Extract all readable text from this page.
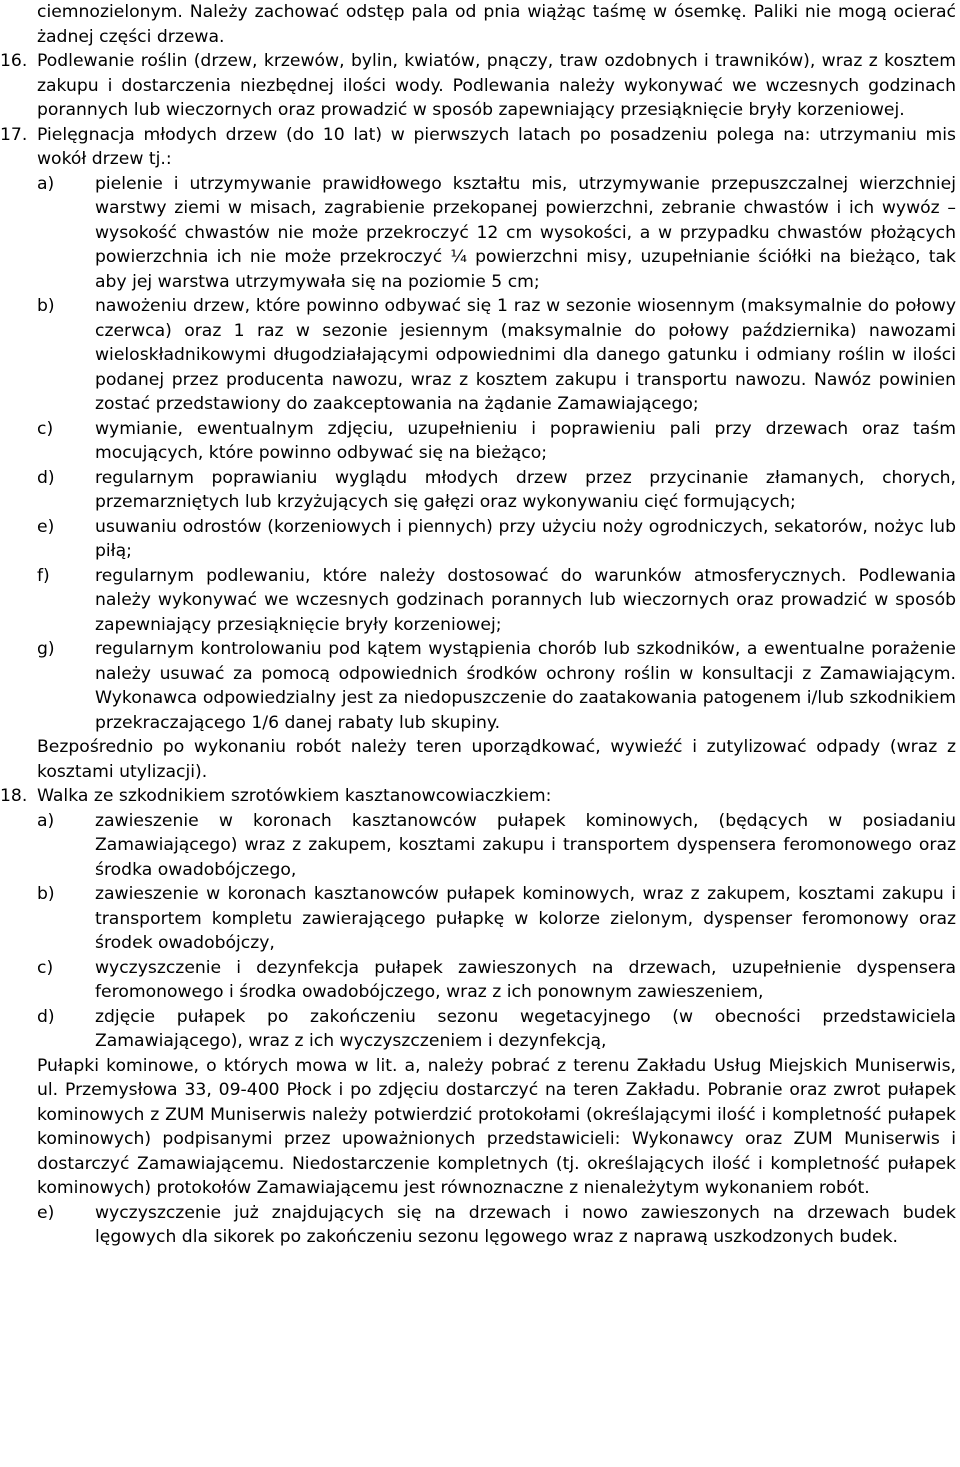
ciemnozielonym. Należy zachować odstęp pala od pnia wiążąc taśmę w ósemkę. Paliki nie mogą ocierać żadnej części drzewa.

16. Podlewanie roślin (drzew, krzewów, bylin, kwiatów, pnączy, traw ozdobnych i trawników), wraz z kosztem zakupu i dostarczenia niezbędnej ilości wody. Podlewania należy wykonywać we wczesnych godzinach porannych lub wieczornych oraz prowadzić w sposób zapewniający przesiąknięcie bryły korzeniowej.
17. Pielęgnacja młodych drzew (do 10 lat) w pierwszych latach po posadzeniu polega na: utrzymaniu mis wokół drzew tj.:
a)	pielenie i utrzymywanie prawidłowego kształtu mis, utrzymywanie przepuszczalnej wierzchniej warstwy ziemi w misach, zagrabienie przekopanej powierzchni, zebranie chwastów i ich wywóz – wysokość chwastów nie może przekroczyć 12 cm wysokości, a w przypadku chwastów płożących powierzchnia ich nie może przekroczyć ¼ powierzchni misy, uzupełnianie ściółki na bieżąco, tak aby jej warstwa utrzymywała się na poziomie 5 cm;
b)	nawożeniu drzew, które powinno odbywać się 1 raz w sezonie wiosennym (maksymalnie do połowy czerwca) oraz 1 raz w sezonie jesiennym (maksymalnie do połowy października) nawozami wieloskładnikowymi długodziałającymi odpowiednimi dla danego gatunku i odmiany roślin w ilości podanej przez producenta nawozu, wraz z kosztem zakupu i transportu nawozu. Nawóz powinien zostać przedstawiony do zaakceptowania na żądanie Zamawiającego;
c)	wymianie, ewentualnym zdjęciu, uzupełnieniu i poprawieniu pali przy drzewach oraz taśm mocujących, które powinno odbywać się na bieżąco;
d)	regularnym poprawianiu wyglądu młodych drzew przez przycinanie złamanych, chorych, przemarzniętych lub krzyżujących się gałęzi oraz wykonywaniu cięć formujących;
e)	usuwaniu odrostów (korzeniowych i piennych) przy użyciu noży ogrodniczych, sekatorów, nożyc lub piłą;
f)	regularnym podlewaniu, które należy dostosować do warunków atmosferycznych. Podlewania należy wykonywać we wczesnych godzinach porannych lub wieczornych oraz prowadzić w sposób zapewniający przesiąknięcie bryły korzeniowej;
g)	regularnym kontrolowaniu pod kątem wystąpienia chorób lub szkodników, a ewentualne porażenie należy usuwać za pomocą odpowiednich środków ochrony roślin w konsultacji z Zamawiającym. Wykonawca odpowiedzialny jest za niedopuszczenie do zaatakowania patogenem i/lub szkodnikiem przekraczającego 1/6 danej rabaty lub skupiny.

Bezpośrednio po wykonaniu robót należy teren uporządkować, wywieźć i zutylizować odpady (wraz z kosztami utylizacji).

18. Walka ze szkodnikiem szrotówkiem kasztanowcowiaczkiem:
a)	zawieszenie w koronach kasztanowców pułapek kominowych, (będących w posiadaniu Zamawiającego) wraz z zakupem, kosztami zakupu i transportem dyspensera feromonowego oraz środka owadobójczego,
b)	zawieszenie w koronach kasztanowców pułapek kominowych, wraz z zakupem, kosztami zakupu i transportem kompletu zawierającego pułapkę w kolorze zielonym, dyspenser feromonowy oraz środek owadobójczy,
c)	wyczyszczenie i dezynfekcja pułapek zawieszonych na drzewach, uzupełnienie dyspensera feromonowego i środka owadobójczego, wraz z ich ponownym zawieszeniem,
d)	zdjęcie pułapek po zakończeniu sezonu wegetacyjnego (w obecności przedstawiciela Zamawiającego), wraz z ich wyczyszczeniem i dezynfekcją,

Pułapki kominowe, o których mowa w lit. a, należy pobrać z terenu Zakładu Usług Miejskich Muniserwis, ul. Przemysłowa 33, 09-400 Płock i po zdjęciu dostarczyć na teren Zakładu. Pobranie oraz zwrot pułapek kominowych z ZUM Muniserwis należy potwierdzić protokołami (określającymi ilość i kompletność pułapek kominowych) podpisanymi przez upoważnionych przedstawicieli: Wykonawcy oraz ZUM Muniserwis i dostarczyć Zamawiającemu. Niedostarczenie kompletnych (tj. określających ilość i kompletność pułapek kominowych) protokołów Zamawiającemu jest równoznaczne z nienależytym wykonaniem robót.

e)	wyczyszczenie już znajdujących się na drzewach i nowo zawieszonych na drzewach budek lęgowych dla sikorek po zakończeniu sezonu lęgowego wraz z naprawą uszkodzonych budek.
